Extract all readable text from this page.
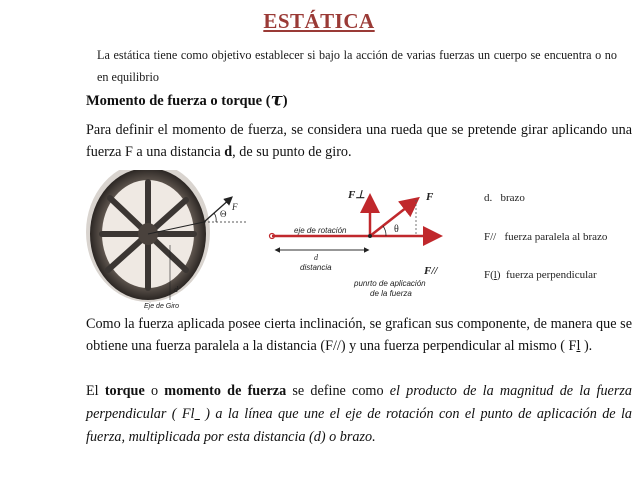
ESTÁTICA
La estática tiene como objetivo establecer si bajo la acción de varias fuerzas un cuerpo se encuentra o no en equilibrio
Momento de fuerza o torque (τ)
Para definir el momento de fuerza, se considera una rueda que se pretende girar aplicando una fuerza F a una distancia d, de su punto de giro.
F
Θ
d
Eje de Giro
eje de rotación
d
distancia
F⊥	F
F//
θ
punrto de aplicación
de la fuerza
d. brazo
F// fuerza paralela al brazo
F(l) fuerza perpendicular
Como la fuerza aplicada posee cierta inclinación, se grafican sus componente, de manera que se obtiene una fuerza paralela a la distancia (F//) y una fuerza perpendicular al mismo ( Fl ).
El torque o momento de fuerza se define como el producto de la magnitud de la fuerza perpendicular ( Fl  ) a la línea que une el eje de rotación con el punto de aplicación de la fuerza, multiplicada por esta distancia (d) o brazo.
